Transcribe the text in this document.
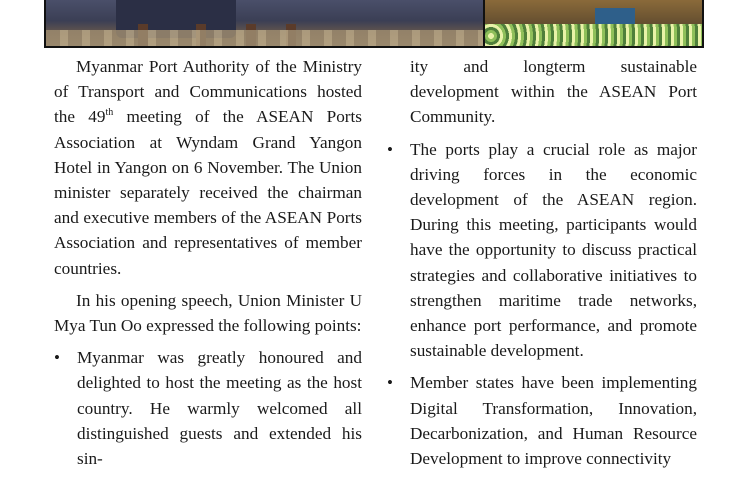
Myanmar Port Authority of the Ministry of Transport and Communications hosted the 49th meeting of the ASEAN Ports Association at Wyndam Grand Yangon Hotel in Yangon on 6 November. The Union minister separately received the chairman and executive members of the ASEAN Ports Association and representatives of member countries.

In his opening speech, Union Minister U Mya Tun Oo expressed the following points:

• Myanmar was greatly honoured and delighted to host the meeting as the host country. He warmly welcomed all distinguished guests and extended his sin-

ity and longterm sustainable development within the ASEAN Port Community.

• The ports play a crucial role as major driving forces in the economic development of the ASEAN region. During this meeting, participants would have the opportunity to discuss practical strategies and collaborative initiatives to strengthen maritime trade networks, enhance port performance, and promote sustainable development.
• Member states have been implementing Digital Transformation, Innovation, Decarbonization, and Human Resource Development to improve connectivity
